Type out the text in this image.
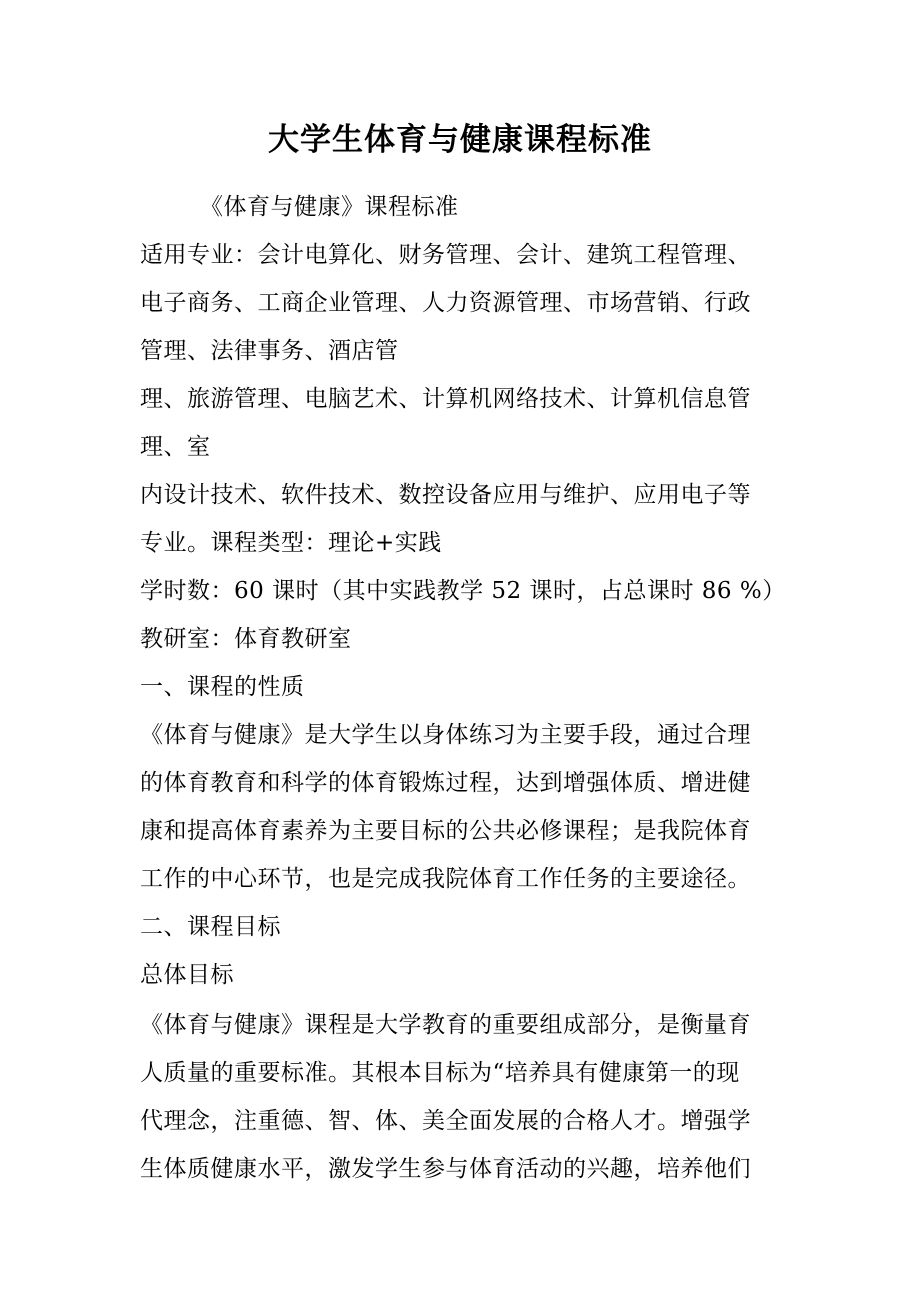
大学生体育与健康课程标准

《体育与健康》课程标准

适用专业：会计电算化、财务管理、会计、建筑工程管理、

电子商务、工商企业管理、人力资源管理、市场营销、行政

管理、法律事务、酒店管

理、旅游管理、电脑艺术、计算机网络技术、计算机信息管

理、室

内设计技术、软件技术、数控设备应用与维护、应用电子等

专业。课程类型：理论+实践

学时数：60 课时（其中实践教学 52 课时，占总课时 86 %）

教研室：体育教研室

一、课程的性质

《体育与健康》是大学生以身体练习为主要手段，通过合理

的体育教育和科学的体育锻炼过程，达到增强体质、增进健

康和提高体育素养为主要目标的公共必修课程；是我院体育

工作的中心环节，也是完成我院体育工作任务的主要途径。

二、课程目标

总体目标

《体育与健康》课程是大学教育的重要组成部分，是衡量育

人质量的重要标准。其根本目标为“培养具有健康第一的现

代理念，注重德、智、体、美全面发展的合格人才。增强学

生体质健康水平，激发学生参与体育活动的兴趣，培养他们
